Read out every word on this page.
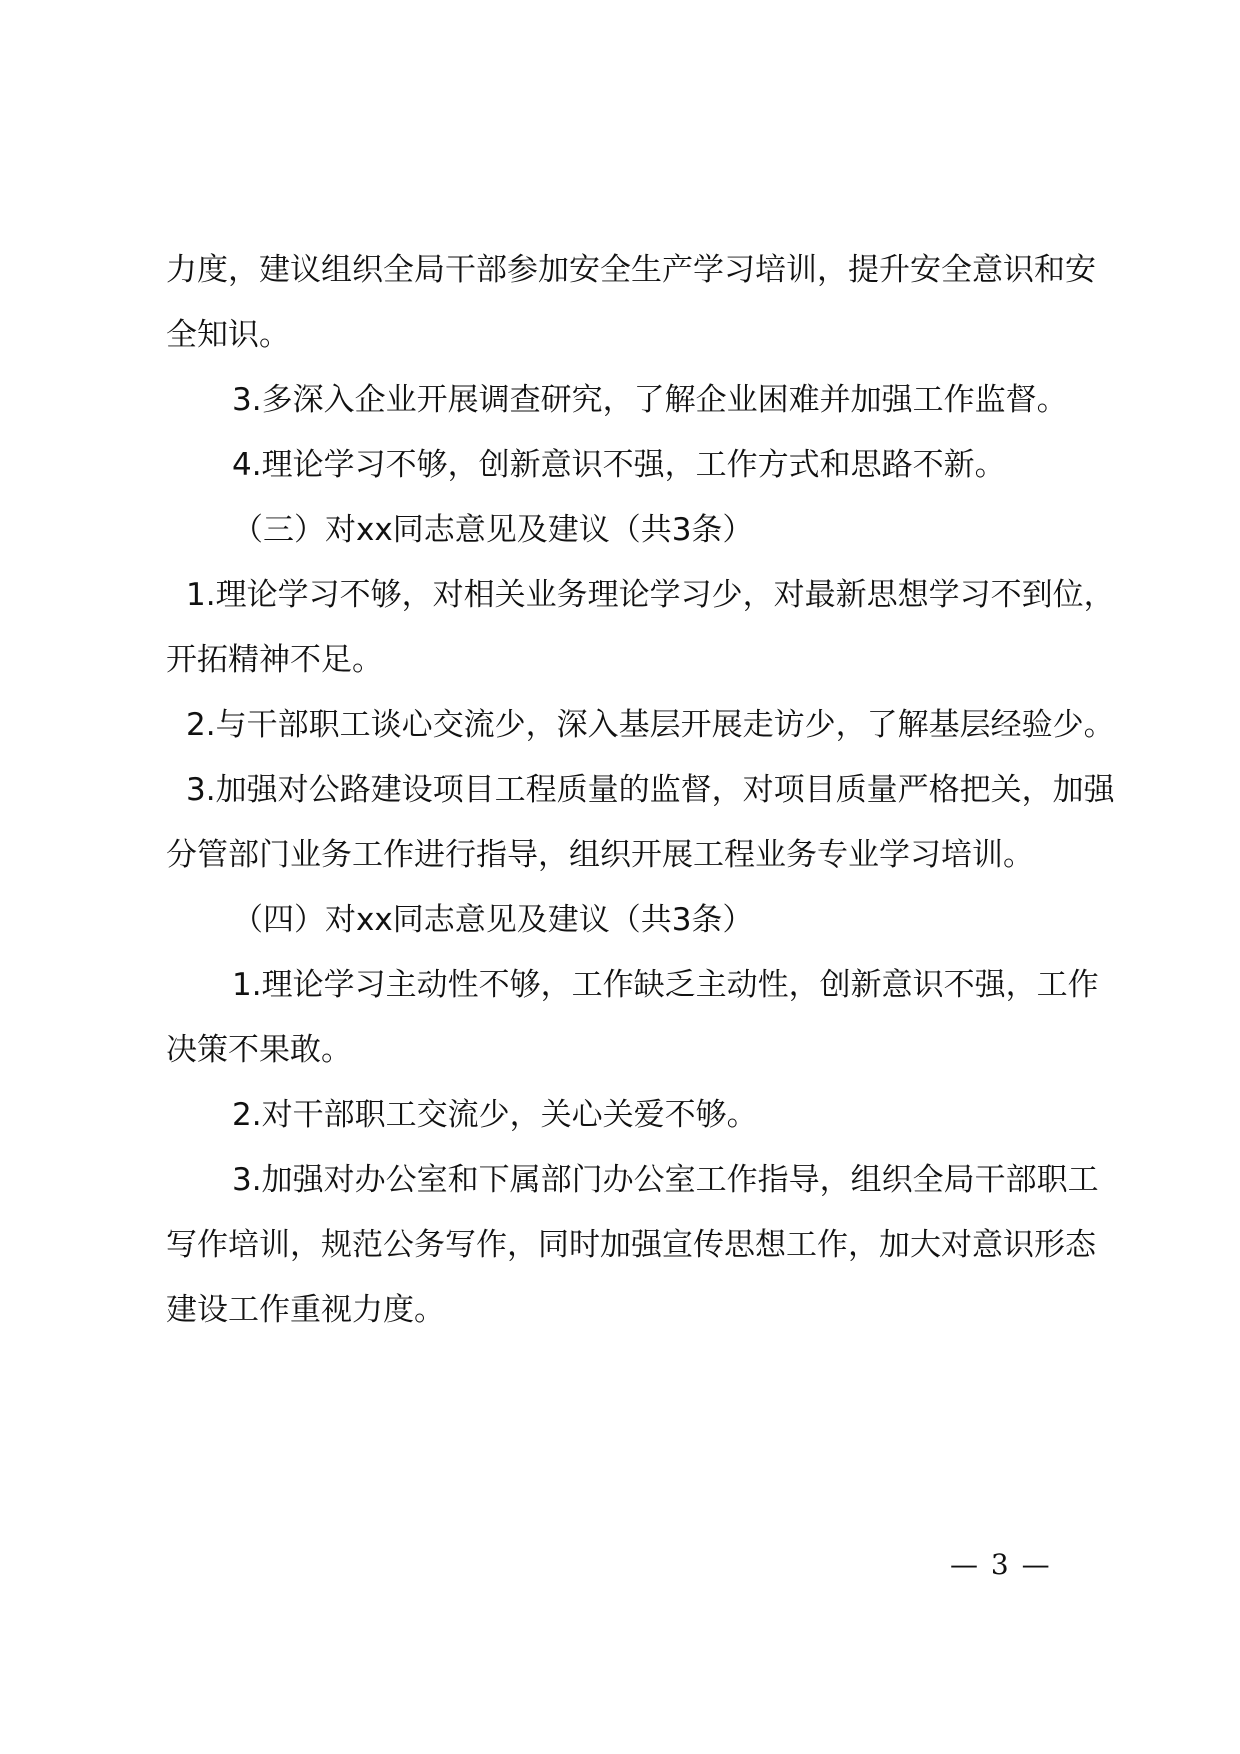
力度，建议组织全局干部参加安全生产学习培训，提升安全意识和安全知识。

3.多深入企业开展调查研究，了解企业困难并加强工作监督。

4.理论学习不够，创新意识不强，工作方式和思路不新。

（三）对xx同志意见及建议（共3条）

1.理论学习不够，对相关业务理论学习少，对最新思想学习不到位，开拓精神不足。

2.与干部职工谈心交流少，深入基层开展走访少，了解基层经验少。

3.加强对公路建设项目工程质量的监督，对项目质量严格把关，加强分管部门业务工作进行指导，组织开展工程业务专业学习培训。

（四）对xx同志意见及建议（共3条）

1.理论学习主动性不够，工作缺乏主动性，创新意识不强，工作决策不果敢。

2.对干部职工交流少，关心关爱不够。

3.加强对办公室和下属部门办公室工作指导，组织全局干部职工写作培训，规范公务写作，同时加强宣传思想工作，加大对意识形态建设工作重视力度。

— 3 —
